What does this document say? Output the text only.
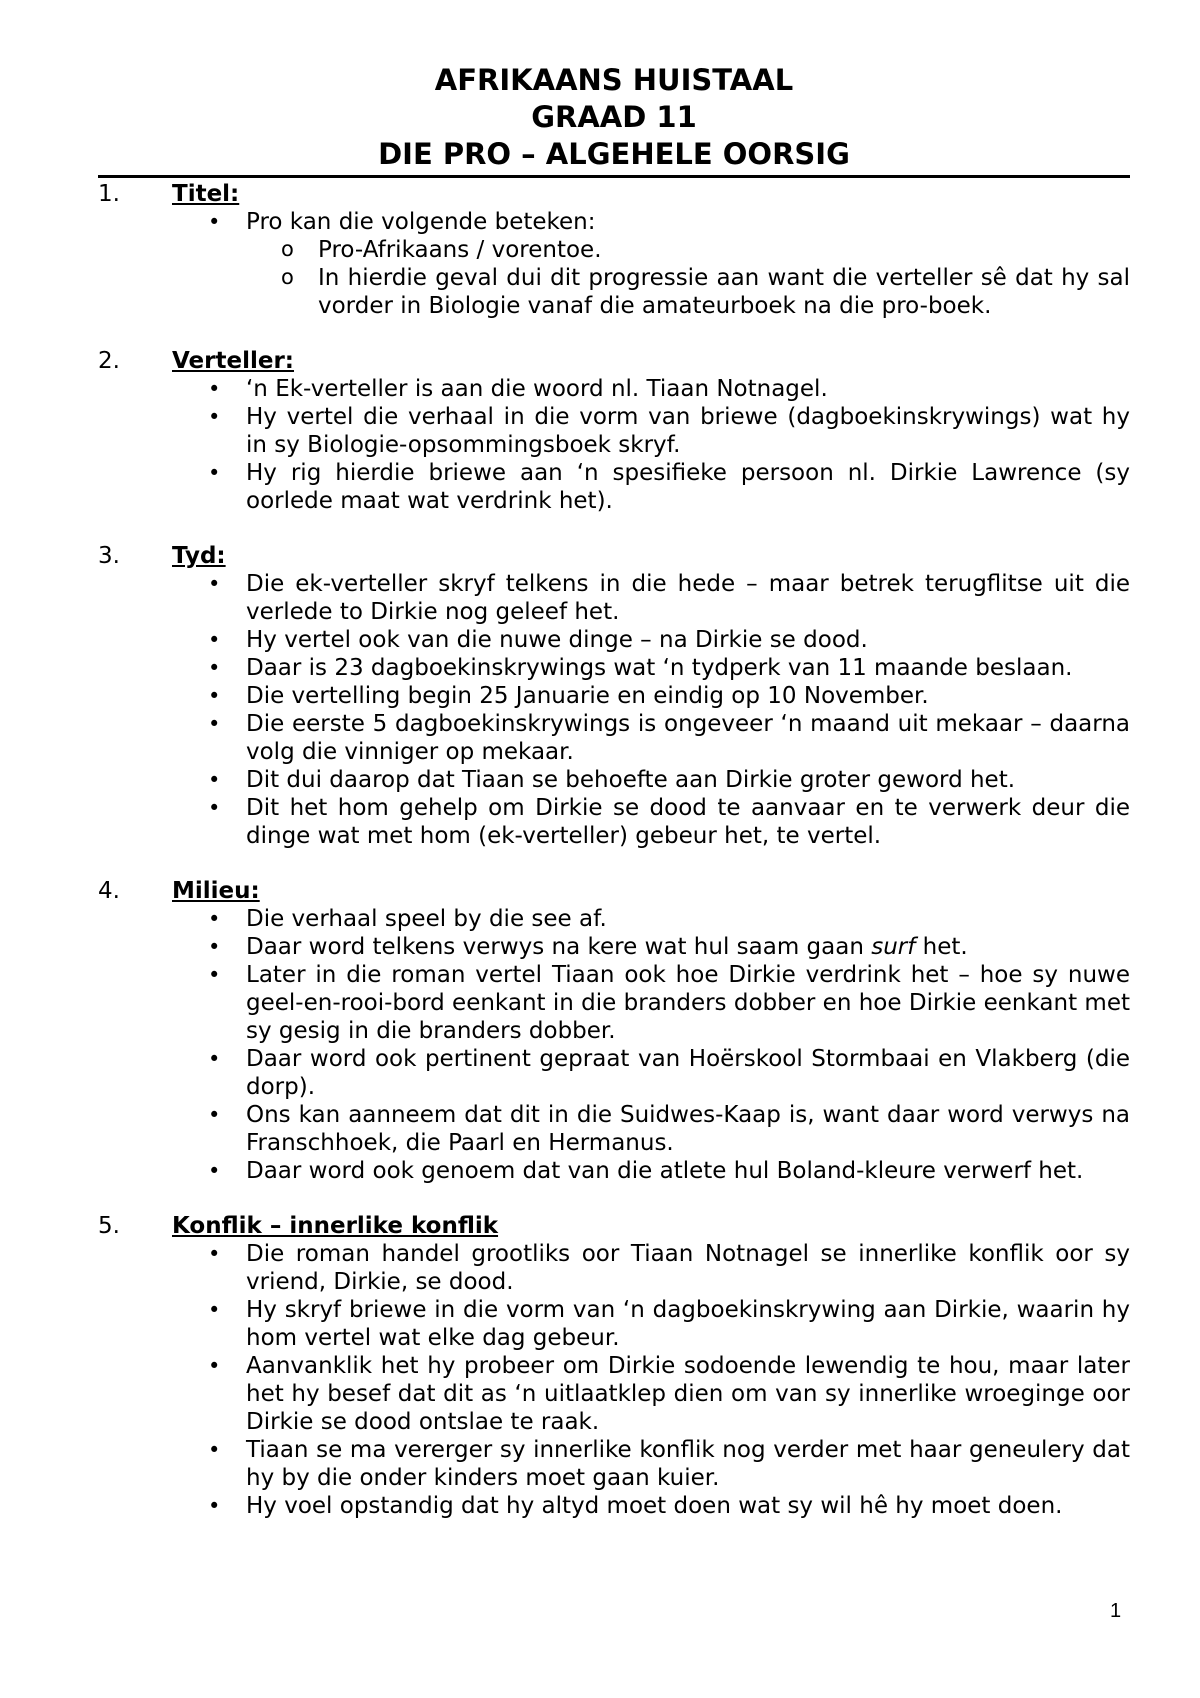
AFRIKAANS HUISTAAL
GRAAD 11
DIE PRO – ALGEHELE OORSIG
1. Titel:
• Pro kan die volgende beteken:
o Pro-Afrikaans / vorentoe.
o In hierdie geval dui dit progressie aan want die verteller sê dat hy sal vorder in Biologie vanaf die amateurboek na die pro-boek.
2. Verteller:
• ‘n Ek-verteller is aan die woord nl. Tiaan Notnagel.
• Hy vertel die verhaal in die vorm van briewe (dagboekinskrywings) wat hy in sy Biologie-opsommingsboek skryf.
• Hy rig hierdie briewe aan ‘n spesifieke persoon nl. Dirkie Lawrence (sy oorlede maat wat verdrink het).
3. Tyd:
• Die ek-verteller skryf telkens in die hede – maar betrek terugflitse uit die verlede to Dirkie nog geleef het.
• Hy vertel ook van die nuwe dinge – na Dirkie se dood.
• Daar is 23 dagboekinskrywings wat ‘n tydperk van 11 maande beslaan.
• Die vertelling begin 25 Januarie en eindig op 10 November.
• Die eerste 5 dagboekinskrywings is ongeveer ‘n maand uit mekaar – daarna volg die vinniger op mekaar.
• Dit dui daarop dat Tiaan se behoefte aan Dirkie groter geword het.
• Dit het hom gehelp om Dirkie se dood te aanvaar en te verwerk deur die dinge wat met hom (ek-verteller) gebeur het, te vertel.
4. Milieu:
• Die verhaal speel by die see af.
• Daar word telkens verwys na kere wat hul saam gaan surf het.
• Later in die roman vertel Tiaan ook hoe Dirkie verdrink het – hoe sy nuwe geel-en-rooi-bord eenkant in die branders dobber en hoe Dirkie eenkant met sy gesig in die branders dobber.
• Daar word ook pertinent gepraat van Hoërskool Stormbaai en Vlakberg (die dorp).
• Ons kan aanneem dat dit in die Suidwes-Kaap is, want daar word verwys na Franschhoek, die Paarl en Hermanus.
• Daar word ook genoem dat van die atlete hul Boland-kleure verwerf het.
5. Konflik – innerlike konflik
• Die roman handel grootliks oor Tiaan Notnagel se innerlike konflik oor sy vriend, Dirkie, se dood.
• Hy skryf briewe in die vorm van ‘n dagboekinskrywing aan Dirkie, waarin hy hom vertel wat elke dag gebeur.
• Aanvanklik het hy probeer om Dirkie sodoende lewendig te hou, maar later het hy besef dat dit as ‘n uitlaatklep dien om van sy innerlike wroeginge oor Dirkie se dood ontslae te raak.
• Tiaan se ma vererger sy innerlike konflik nog verder met haar geneulery dat hy by die onder kinders moet gaan kuier.
• Hy voel opstandig dat hy altyd moet doen wat sy wil hê hy moet doen.
1
